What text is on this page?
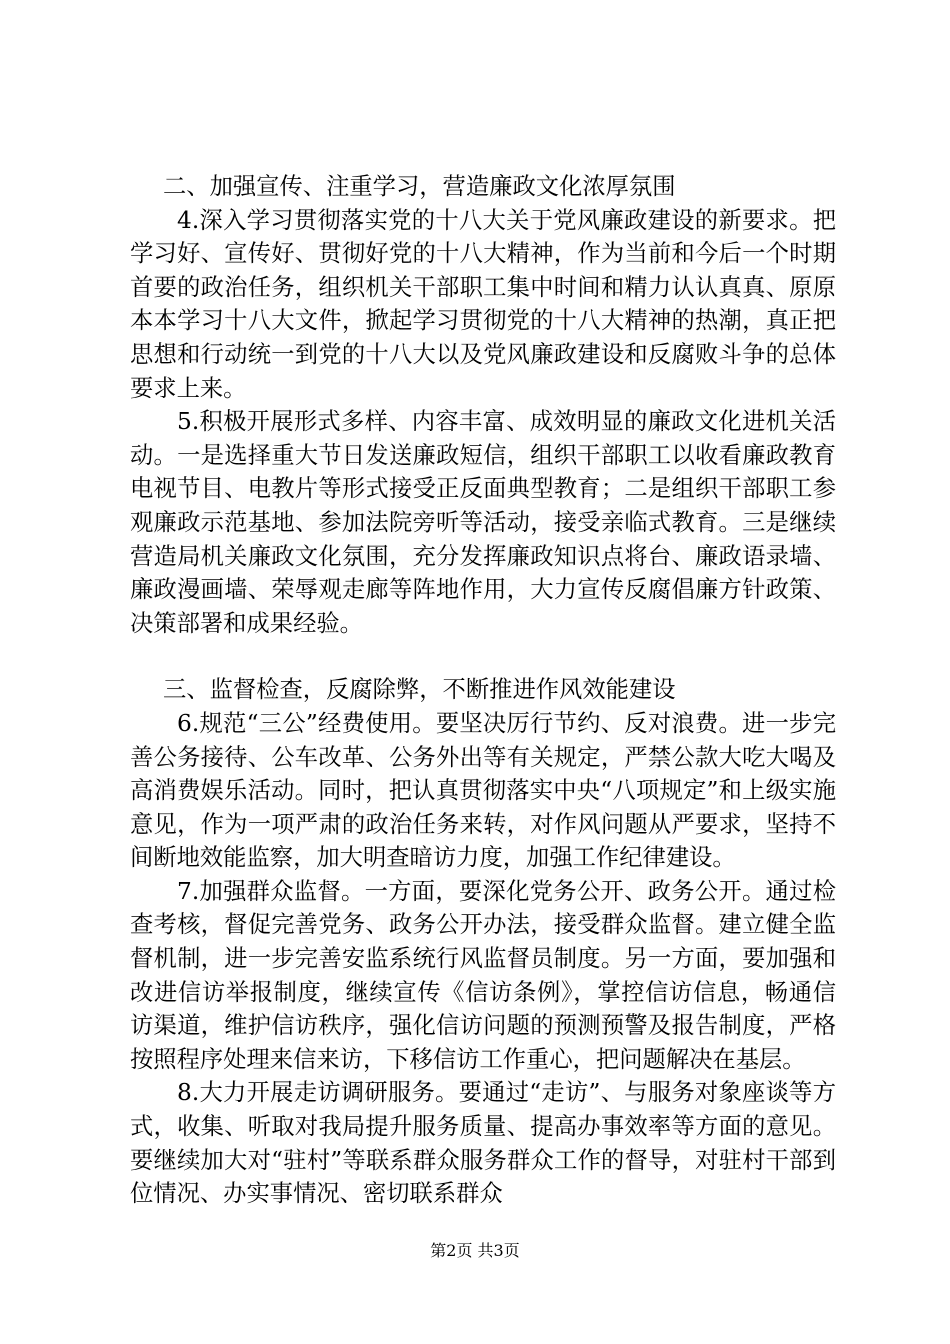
二、加强宣传、注重学习，营造廉政文化浓厚氛围

4.深入学习贯彻落实党的十八大关于党风廉政建设的新要求。把学习好、宣传好、贯彻好党的十八大精神，作为当前和今后一个时期首要的政治任务，组织机关干部职工集中时间和精力认认真真、原原本本学习十八大文件，掀起学习贯彻党的十八大精神的热潮，真正把思想和行动统一到党的十八大以及党风廉政建设和反腐败斗争的总体要求上来。

5.积极开展形式多样、内容丰富、成效明显的廉政文化进机关活动。一是选择重大节日发送廉政短信，组织干部职工以收看廉政教育电视节目、电教片等形式接受正反面典型教育；二是组织干部职工参观廉政示范基地、参加法院旁听等活动，接受亲临式教育。三是继续营造局机关廉政文化氛围，充分发挥廉政知识点将台、廉政语录墙、廉政漫画墙、荣辱观走廊等阵地作用，大力宣传反腐倡廉方针政策、决策部署和成果经验。

三、监督检查，反腐除弊，不断推进作风效能建设

6.规范“三公”经费使用。要坚决厉行节约、反对浪费。进一步完善公务接待、公车改革、公务外出等有关规定，严禁公款大吃大喝及高消费娱乐活动。同时，把认真贯彻落实中央“八项规定”和上级实施意见，作为一项严肃的政治任务来转，对作风问题从严要求，坚持不间断地效能监察，加大明查暗访力度，加强工作纪律建设。

7.加强群众监督。一方面，要深化党务公开、政务公开。通过检查考核，督促完善党务、政务公开办法，接受群众监督。建立健全监督机制，进一步完善安监系统行风监督员制度。另一方面，要加强和改进信访举报制度，继续宣传《信访条例》，掌控信访信息，畅通信访渠道，维护信访秩序，强化信访问题的预测预警及报告制度，严格按照程序处理来信来访，下移信访工作重心，把问题解决在基层。

8.大力开展走访调研服务。要通过“走访”、与服务对象座谈等方式，收集、听取对我局提升服务质量、提高办事效率等方面的意见。要继续加大对“驻村”等联系群众服务群众工作的督导，对驻村干部到位情况、办实事情况、密切联系群众

第2页 共3页
